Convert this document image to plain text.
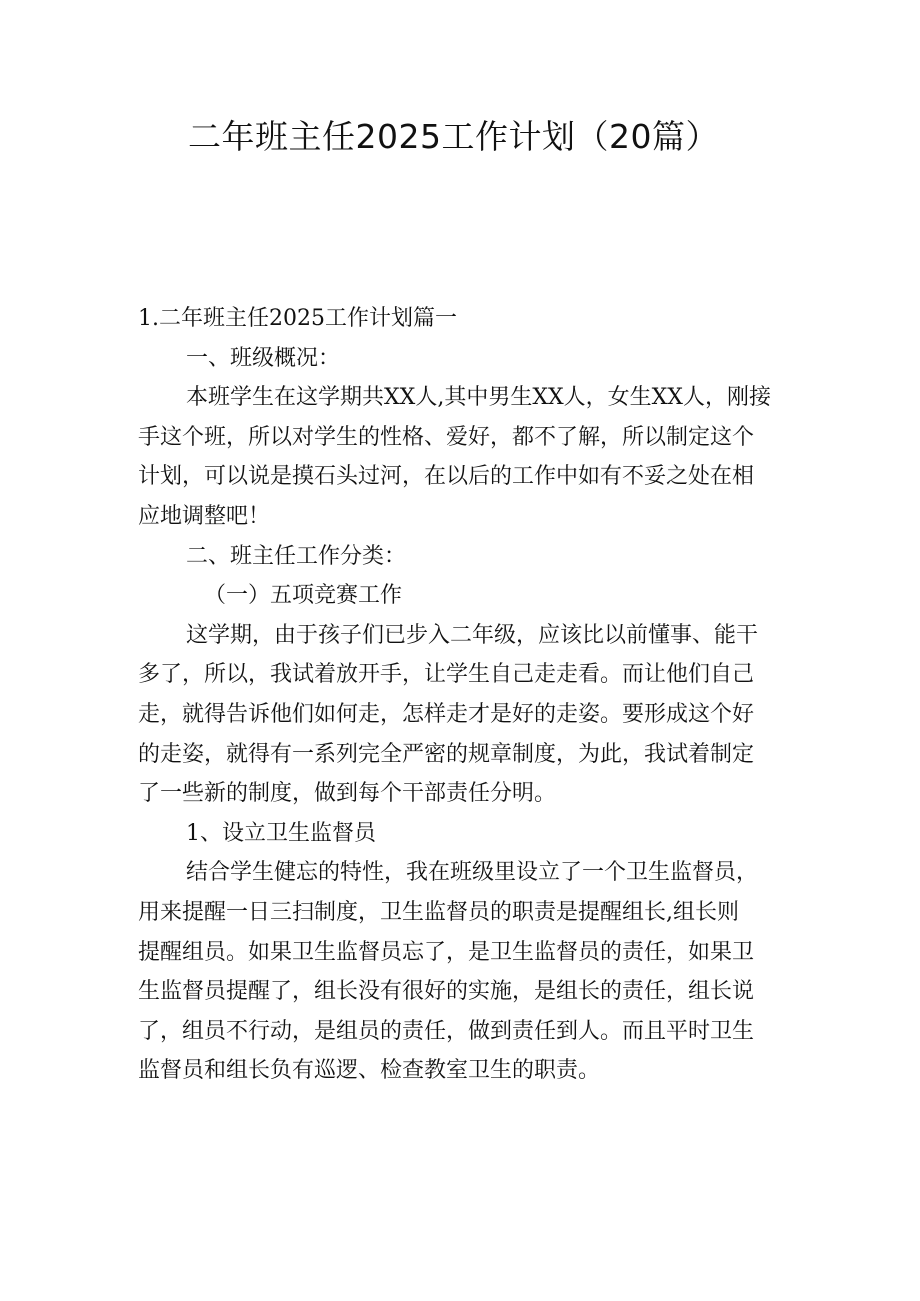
二年班主任2025工作计划（20篇）

1.二年班主任2025工作计划篇一

一、班级概况：

本班学生在这学期共XX人,其中男生XX人，女生XX人，刚接
手这个班，所以对学生的性格、爱好，都不了解，所以制定这个
计划，可以说是摸石头过河，在以后的工作中如有不妥之处在相
应地调整吧！

二、班主任工作分类：

（一）五项竞赛工作

这学期，由于孩子们已步入二年级，应该比以前懂事、能干
多了，所以，我试着放开手，让学生自己走走看。而让他们自己
走，就得告诉他们如何走，怎样走才是好的走姿。要形成这个好
的走姿，就得有一系列完全严密的规章制度，为此，我试着制定
了一些新的制度，做到每个干部责任分明。

1、设立卫生监督员

结合学生健忘的特性，我在班级里设立了一个卫生监督员，
用来提醒一日三扫制度，卫生监督员的职责是提醒组长,组长则
提醒组员。如果卫生监督员忘了，是卫生监督员的责任，如果卫
生监督员提醒了，组长没有很好的实施，是组长的责任，组长说
了，组员不行动，是组员的责任，做到责任到人。而且平时卫生
监督员和组长负有巡逻、检查教室卫生的职责。
